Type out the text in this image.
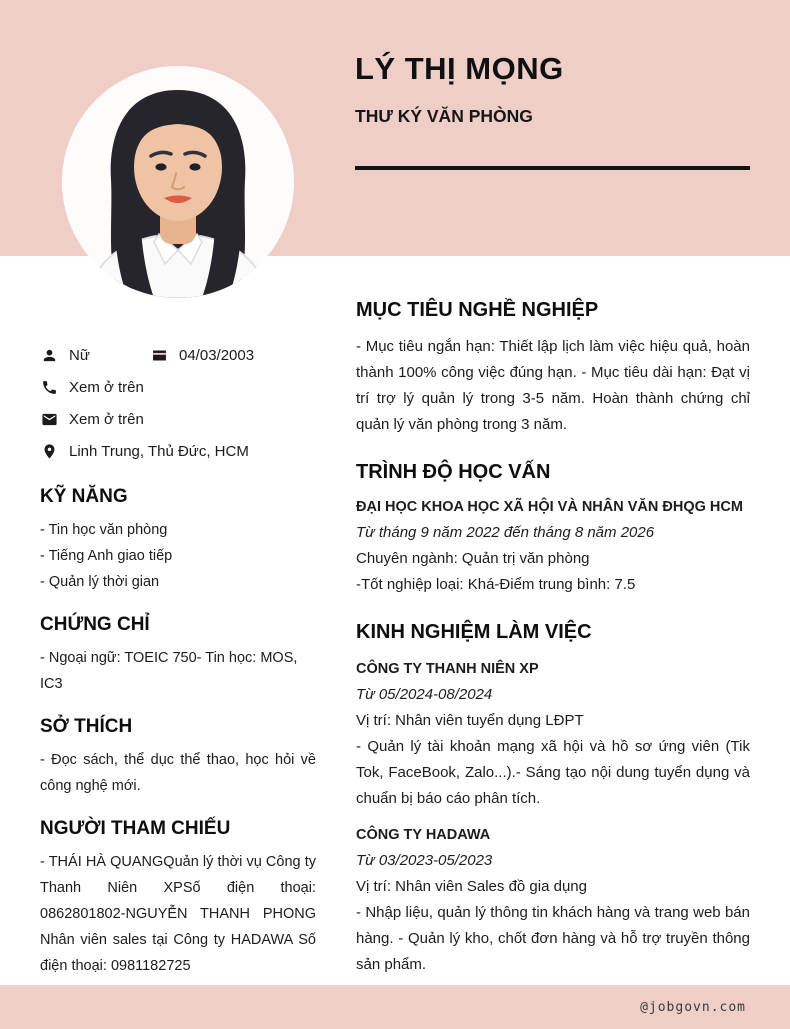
LÝ THỊ MỌNG
THƯ KÝ VĂN PHÒNG
Nữ	04/03/2003
Xem ở trên
Xem ở trên
Linh Trung, Thủ Đức, HCM
KỸ NĂNG
- Tin học văn phòng
- Tiếng Anh giao tiếp
- Quản lý thời gian
CHỨNG CHỈ
- Ngoại ngữ: TOEIC 750- Tin học: MOS, IC3
SỞ THÍCH
- Đọc sách, thể dục thể thao, học hỏi về công nghệ mới.
NGƯỜI THAM CHIẾU
- THÁI HÀ QUANGQuản lý thời vụ Công ty Thanh Niên XPSố điện thoại: 0862801802-NGUYỄN THANH PHONG Nhân viên sales tại Công ty HADAWA Số điện thoại: 0981182725
MỤC TIÊU NGHỀ NGHIỆP
- Mục tiêu ngắn hạn: Thiết lập lịch làm việc hiệu quả, hoàn thành 100% công việc đúng hạn. - Mục tiêu dài hạn: Đạt vị trí trợ lý quản lý trong 3-5 năm. Hoàn thành chứng chỉ quản lý văn phòng trong 3 năm.
TRÌNH ĐỘ HỌC VẤN
ĐẠI HỌC KHOA HỌC XÃ HỘI VÀ NHÂN VĂN ĐHQG HCM
Từ tháng 9 năm 2022 đến tháng 8 năm 2026
Chuyên ngành: Quản trị văn phòng
-Tốt nghiệp loại: Khá-Điểm trung bình: 7.5
KINH NGHIỆM LÀM VIỆC
CÔNG TY THANH NIÊN XP
Từ 05/2024-08/2024
Vị trí: Nhân viên tuyển dụng LĐPT
- Quản lý tài khoản mạng xã hội và hồ sơ ứng viên (Tik Tok, FaceBook, Zalo...).- Sáng tạo nội dung tuyển dụng và chuẩn bị báo cáo phân tích.
CÔNG TY HADAWA
Từ 03/2023-05/2023
Vị trí: Nhân viên Sales đồ gia dụng
- Nhập liệu, quản lý thông tin khách hàng và trang web bán hàng. - Quản lý kho, chốt đơn hàng và hỗ trợ truyền thông sản phẩm.
@jobgovn.com
